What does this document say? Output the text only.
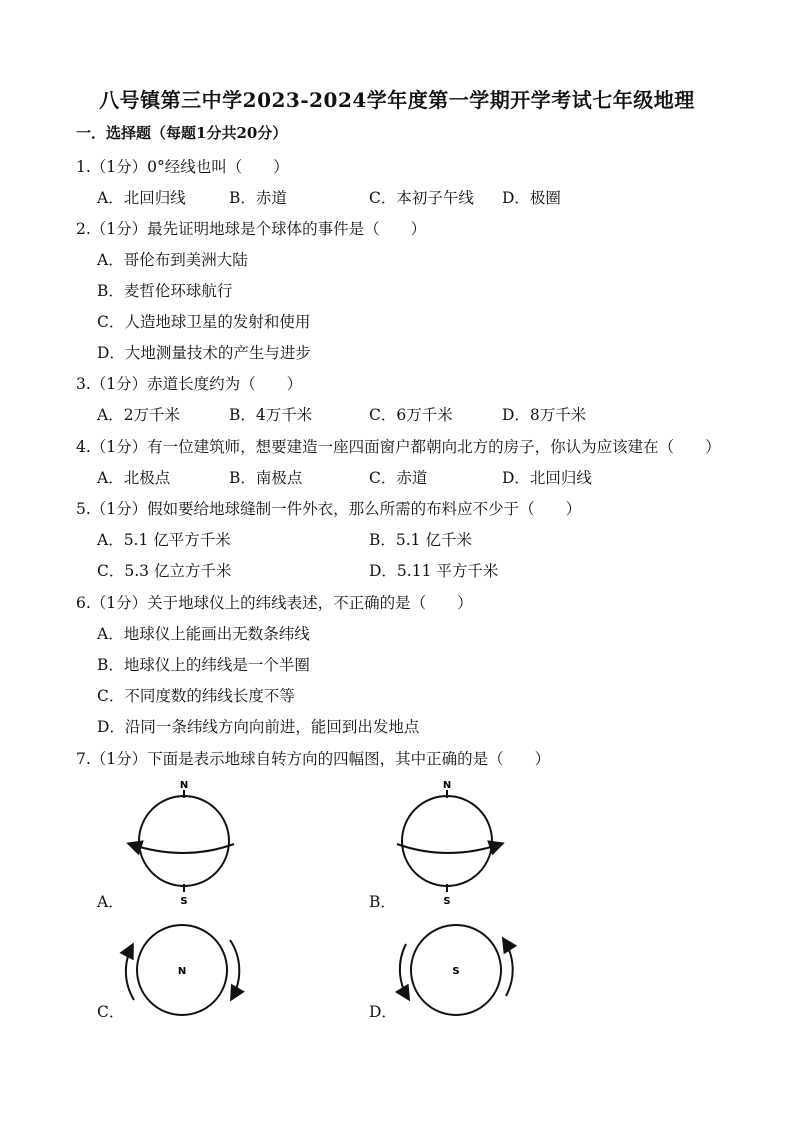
八号镇第三中学2023-2024学年度第一学期开学考试七年级地理
一．选择题（每题1分共20分）
1.（1分）0°经线也叫（　　）
A．北回归线	B．赤道	C．本初子午线 D．极圈
2.（1分）最先证明地球是个球体的事件是（　　）
A．哥伦布到美洲大陆
B．麦哲伦环球航行
C．人造地球卫星的发射和使用
D．大地测量技术的产生与进步
3.（1分）赤道长度约为（　　）
A．2万千米	B．4万千米	C．6万千米	D．8万千米
4.（1分）有一位建筑师，想要建造一座四面窗户都朝向北方的房子，你认为应该建在（　　）
A．北极点	B．南极点	C．赤道	D．北回归线
5.（1分）假如要给地球缝制一件外衣，那么所需的布料应不少于（　　）
A．5.1 亿平方千米	B．5.1 亿千米
C．5.3 亿立方千米	D．5.11 平方千米
6.（1分）关于地球仪上的纬线表述，不正确的是（　　）
A．地球仪上能画出无数条纬线
B．地球仪上的纬线是一个半圈
C．不同度数的纬线长度不等
D．沿同一条纬线方向向前进，能回到出发地点
7.（1分）下面是表示地球自转方向的四幅图，其中正确的是（　　）
N
S
A．
N
S
B．
N
C．
S
D．
